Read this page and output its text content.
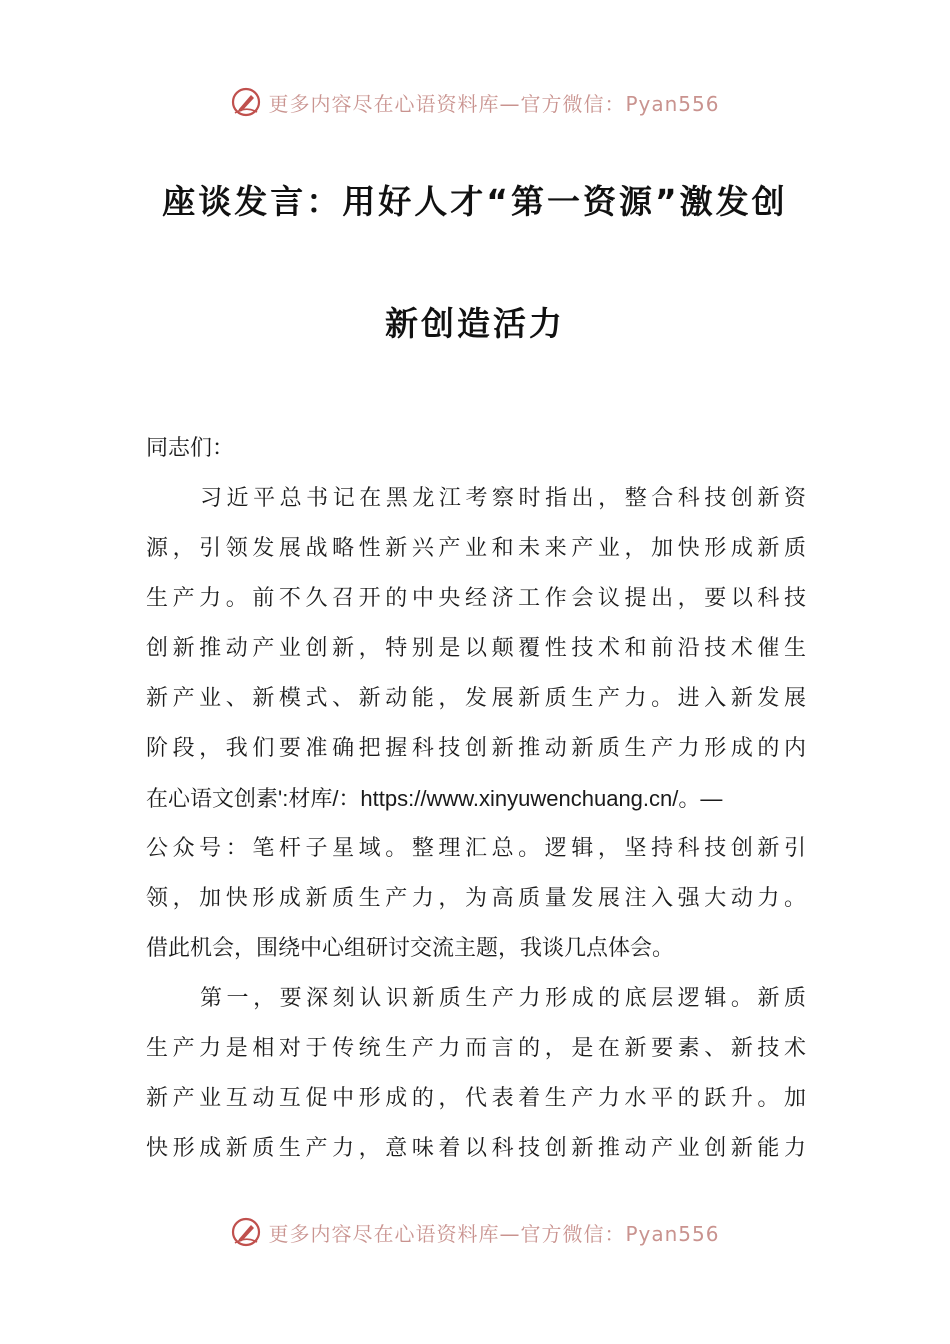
更多内容尽在心语资料库—官方微信：Pyan556
座谈发言：用好人才“第一资源”激发创
新创造活力
同志们：
习近平总书记在黑龙江考察时指出，整合科技创新资
源，引领发展战略性新兴产业和未来产业，加快形成新质
生产力。前不久召开的中央经济工作会议提出，要以科技
创新推动产业创新，特别是以颠覆性技术和前沿技术催生
新产业、新模式、新动能，发展新质生产力。进入新发展
阶段，我们要准确把握科技创新推动新质生产力形成的内
在心语文创素':材库/：https://www.xinyuwenchuang.cn/。—
公众号：笔杆子星域。整理汇总。逻辑，坚持科技创新引
领，加快形成新质生产力，为高质量发展注入强大动力。
借此机会，围绕中心组研讨交流主题，我谈几点体会。
第一，要深刻认识新质生产力形成的底层逻辑。新质
生产力是相对于传统生产力而言的，是在新要素、新技术
新产业互动互促中形成的，代表着生产力水平的跃升。加
快形成新质生产力，意味着以科技创新推动产业创新能力
更多内容尽在心语资料库—官方微信：Pyan556
